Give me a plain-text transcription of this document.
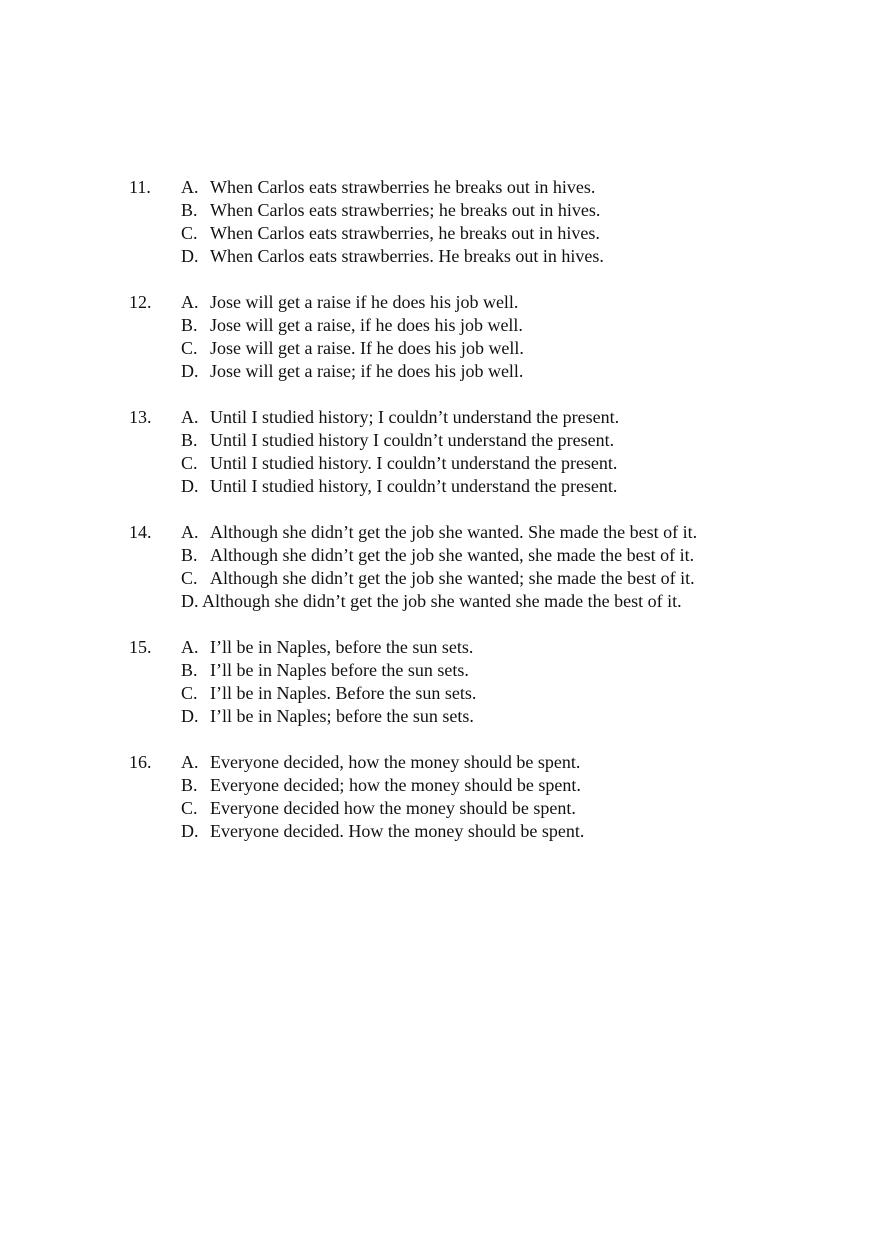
11. A. When Carlos eats strawberries he breaks out in hives.
B. When Carlos eats strawberries; he breaks out in hives.
C. When Carlos eats strawberries, he breaks out in hives.
D. When Carlos eats strawberries. He breaks out in hives.
12. A. Jose will get a raise if he does his job well.
B. Jose will get a raise, if he does his job well.
C. Jose will get a raise. If he does his job well.
D. Jose will get a raise; if he does his job well.
13. A. Until I studied history; I couldn’t understand the present.
B. Until I studied history I couldn’t understand the present.
C. Until I studied history. I couldn’t understand the present.
D. Until I studied history, I couldn’t understand the present.
14. A. Although she didn’t get the job she wanted. She made the best of it.
B. Although she didn’t get the job she wanted, she made the best of it.
C. Although she didn’t get the job she wanted; she made the best of it.
D. Although she didn’t get the job she wanted she made the best of it.
15. A. I’ll be in Naples, before the sun sets.
B. I’ll be in Naples before the sun sets.
C. I’ll be in Naples. Before the sun sets.
D. I’ll be in Naples; before the sun sets.
16. A. Everyone decided, how the money should be spent.
B. Everyone decided; how the money should be spent.
C. Everyone decided how the money should be spent.
D. Everyone decided. How the money should be spent.
